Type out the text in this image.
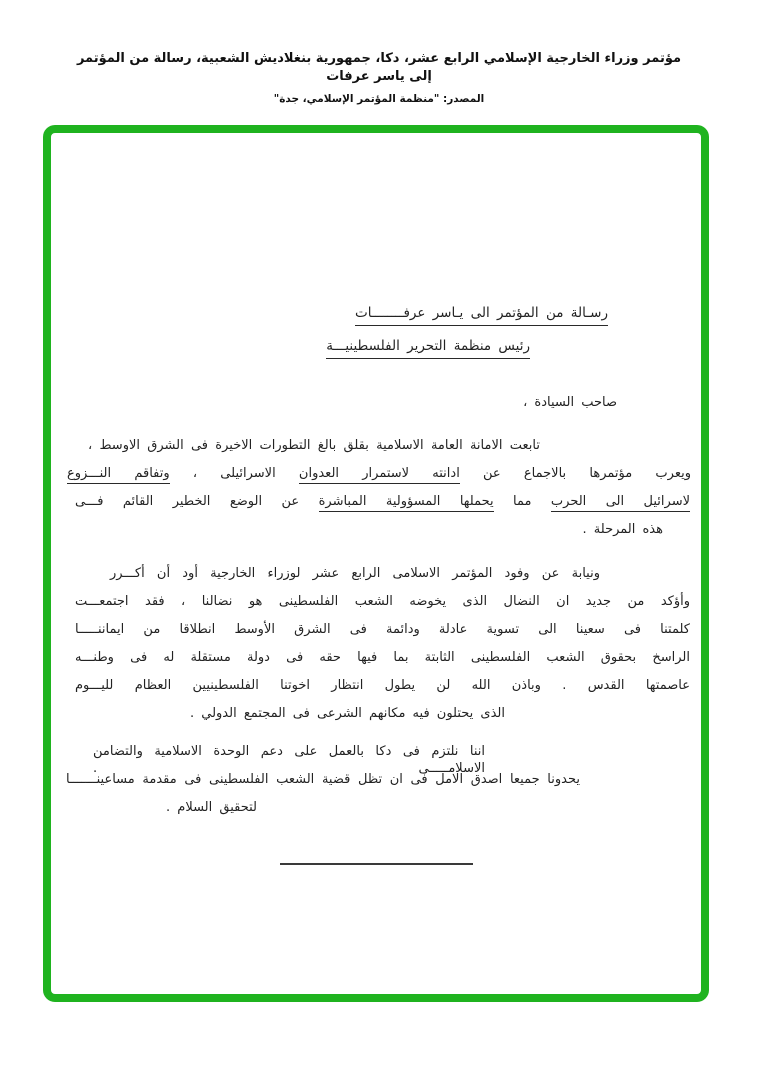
مؤتمر وزراء الخارجية الإسلامي الرابع عشر، دكا، جمهورية بنغلاديش الشعبية، رسالة من المؤتمر إلى ياسر عرفات
المصدر: "منظمة المؤتمر الإسلامي، جدة"
رسـالة من المؤتمر الى يـاسر عرفــــــــات
رئيس منظمة التحرير الفلسطينيـــة
صاحب السيادة ،
تابعت الامانة العامة الاسلامية بقلق بالغ التطورات الاخيرة فى الشرق الاوسط ،
ويعرب مؤتمرها بالاجماع عن ادانته لاستمرار العدوان الاسرائيلى ، وتفاقم النـــزوع
لاسرائيل الى الحرب مما يحملها المسؤولية المباشرة عن الوضع الخطير القائم فـــى
هذه المرحلة .
ونيابة عن وفود المؤتمر الاسلامى الرابع عشر لوزراء الخارجية أود أن أكـــرر
وأؤكد من جديد ان النضال الذى يخوضه الشعب الفلسطينى هو نضالنا ، فقد اجتمعـــت
كلمتنا فى سعينا الى تسوية عادلة ودائمة فى الشرق الأوسط انطلاقا من ايماننـــــا
الراسخ بحقوق الشعب الفلسطينى الثابتة بما فيها حقه فى دولة مستقلة له فى وطنـــه
عاصمتها القدس . وباذن الله لن يطول انتظار اخوتنا الفلسطينيين العظام لليـــوم
الذى يحتلون فيه مكانهم الشرعى فى المجتمع الدولي .
اننا نلتزم فى دكا بالعمل على دعم الوحدة الاسلامية والتضامن الاسلامـــــى .
يحدونا جميعا اصدق الامل فى ان تظل قضية الشعب الفلسطينى فى مقدمة مساعينـــــــا
لتحقيق السلام .
